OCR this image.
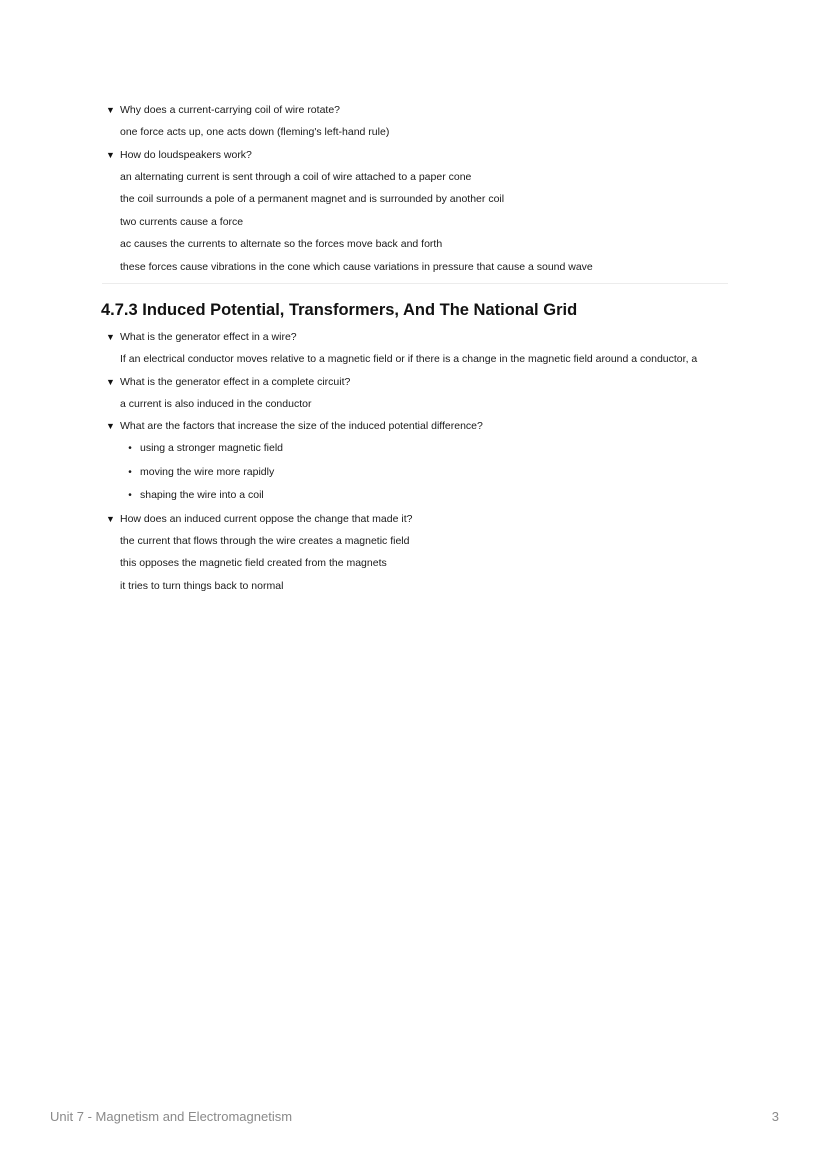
▼ Why does a current-carrying coil of wire rotate?
one force acts up, one acts down (fleming's left-hand rule)
▼ How do loudspeakers work?
an alternating current is sent through a coil of wire attached to a paper cone
the coil surrounds a pole of a permanent magnet and is surrounded by another coil
two currents cause a force
ac causes the currents to alternate so the forces move back and forth
these forces cause vibrations in the cone which cause variations in pressure that cause a sound wave
4.7.3 Induced Potential, Transformers, And The National Grid
▼ What is the generator effect in a wire?
If an electrical conductor moves relative to a magnetic field or if there is a change in the magnetic field around a conductor, a
▼ What is the generator effect in a complete circuit?
a current is also induced in the conductor
▼ What are the factors that increase the size of the induced potential difference?
• using a stronger magnetic field
• moving the wire more rapidly
• shaping the wire into a coil
▼ How does an induced current oppose the change that made it?
the current that flows through the wire creates a magnetic field
this opposes the magnetic field created from the magnets
it tries to turn things back to normal
Unit 7 - Magnetism and Electromagnetism	3
